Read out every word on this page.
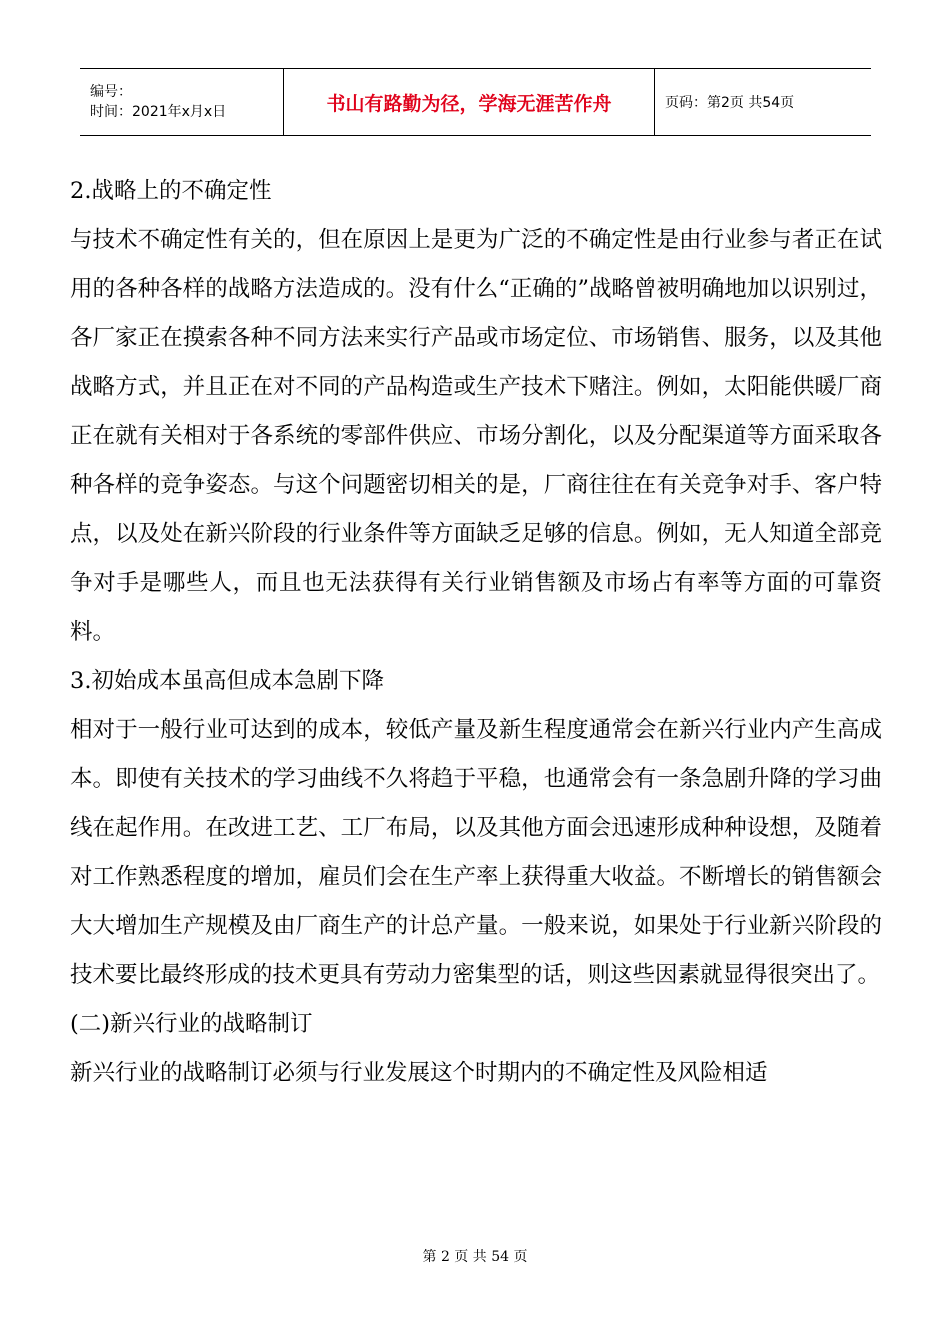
编号：
时间：2021年x月x日	书山有路勤为径，学海无涯苦作舟	页码：第2页 共54页

2.战略上的不确定性

与技术不确定性有关的，但在原因上是更为广泛的不确定性是由行业参与者正在试用的各种各样的战略方法造成的。没有什么“正确的”战略曾被明确地加以识别过，各厂家正在摸索各种不同方法来实行产品或市场定位、市场销售、服务，以及其他战略方式，并且正在对不同的产品构造或生产技术下赌注。例如，太阳能供暖厂商正在就有关相对于各系统的零部件供应、市场分割化，以及分配渠道等方面采取各种各样的竞争姿态。与这个问题密切相关的是，厂商往往在有关竞争对手、客户特点，以及处在新兴阶段的行业条件等方面缺乏足够的信息。例如，无人知道全部竞争对手是哪些人，而且也无法获得有关行业销售额及市场占有率等方面的可靠资料。

3.初始成本虽高但成本急剧下降

相对于一般行业可达到的成本，较低产量及新生程度通常会在新兴行业内产生高成本。即使有关技术的学习曲线不久将趋于平稳，也通常会有一条急剧升降的学习曲线在起作用。在改进工艺、工厂布局，以及其他方面会迅速形成种种设想，及随着对工作熟悉程度的增加，雇员们会在生产率上获得重大收益。不断增长的销售额会大大增加生产规模及由厂商生产的计总产量。一般来说，如果处于行业新兴阶段的技术要比最终形成的技术更具有劳动力密集型的话，则这些因素就显得很突出了。

(二)新兴行业的战略制订

新兴行业的战略制订必须与行业发展这个时期内的不确定性及风险相适

第 2 页 共 54 页
